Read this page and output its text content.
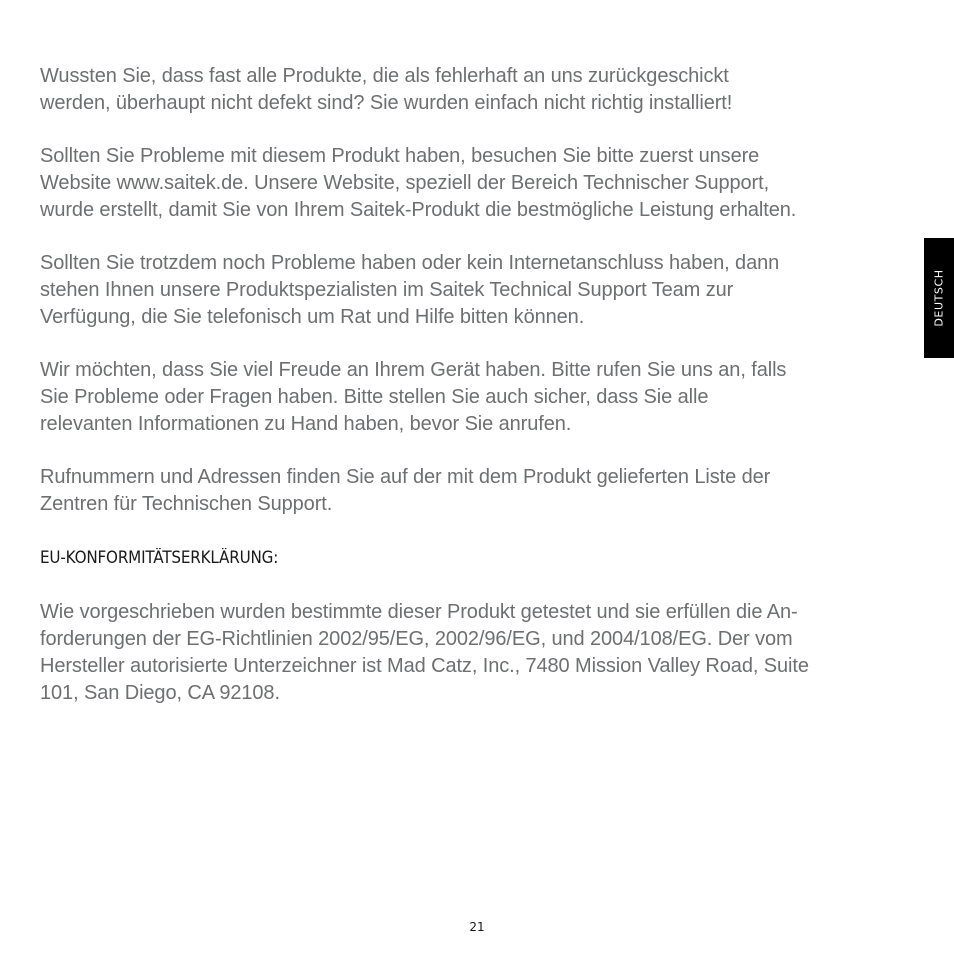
Wussten Sie, dass fast alle Produkte, die als fehlerhaft an uns zurückgeschickt
werden, überhaupt nicht defekt sind? Sie wurden einfach nicht richtig installiert!

Sollten Sie Probleme mit diesem Produkt haben, besuchen Sie bitte zuerst unsere
Website www.saitek.de. Unsere Website, speziell der Bereich Technischer Support,
wurde erstellt, damit Sie von Ihrem Saitek-Produkt die bestmögliche Leistung erhalten.

Sollten Sie trotzdem noch Probleme haben oder kein Internetanschluss haben, dann
stehen Ihnen unsere Produktspezialisten im Saitek Technical Support Team zur
Verfügung, die Sie telefonisch um Rat und Hilfe bitten können.

Wir möchten, dass Sie viel Freude an Ihrem Gerät haben. Bitte rufen Sie uns an, falls
Sie Probleme oder Fragen haben. Bitte stellen Sie auch sicher, dass Sie alle
relevanten Informationen zu Hand haben, bevor Sie anrufen.

Rufnummern und Adressen finden Sie auf der mit dem Produkt gelieferten Liste der
Zentren für Technischen Support.

EU-KONFORMITÄTSERKLÄRUNG:

Wie vorgeschrieben wurden bestimmte dieser Produkt getestet und sie erfüllen die An-
forderungen der EG-Richtlinien 2002/95/EG, 2002/96/EG, und 2004/108/EG. Der vom
Hersteller autorisierte Unterzeichner ist Mad Catz, Inc., 7480 Mission Valley Road, Suite
101, San Diego, CA 92108.

DEUTSCH
21
